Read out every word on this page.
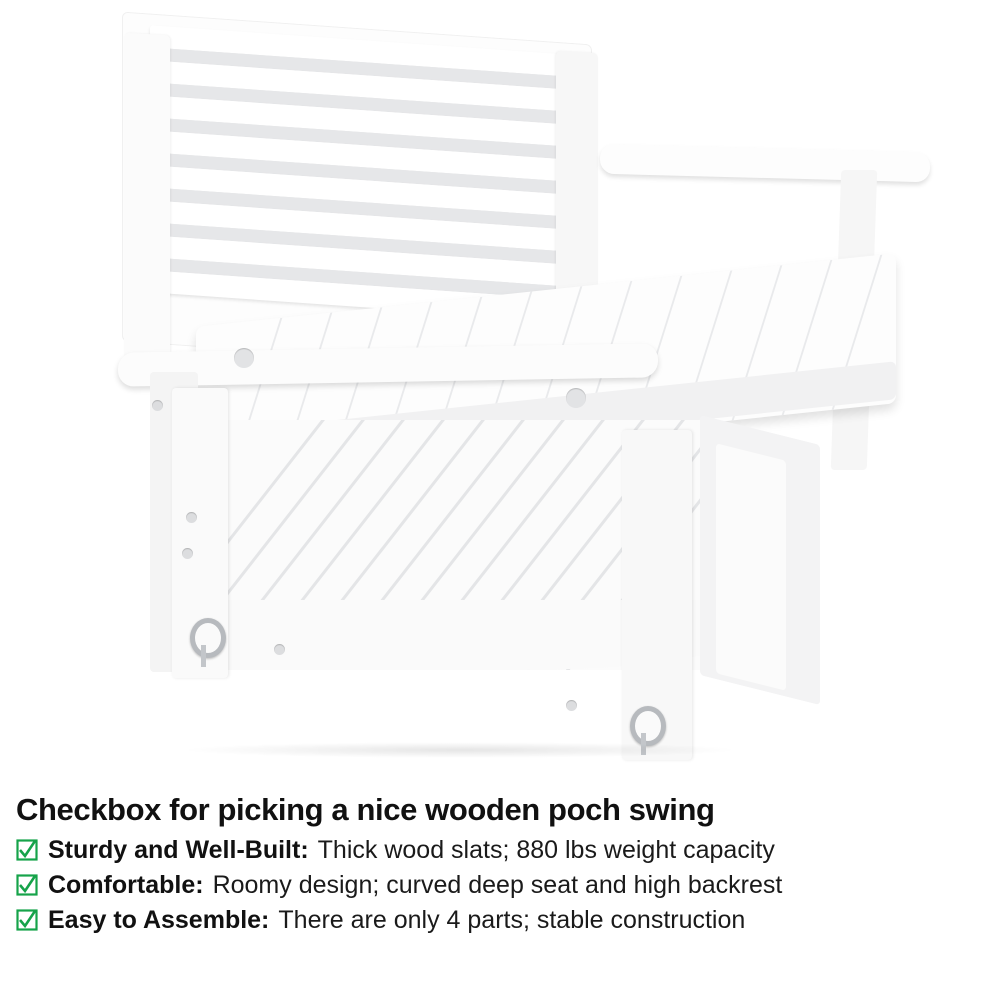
Checkbox for picking a nice wooden poch swing
Sturdy and Well-Built: Thick wood slats; 880 lbs weight capacity
Comfortable: Roomy design; curved deep seat and high backrest
Easy to Assemble: There are only 4 parts; stable construction
